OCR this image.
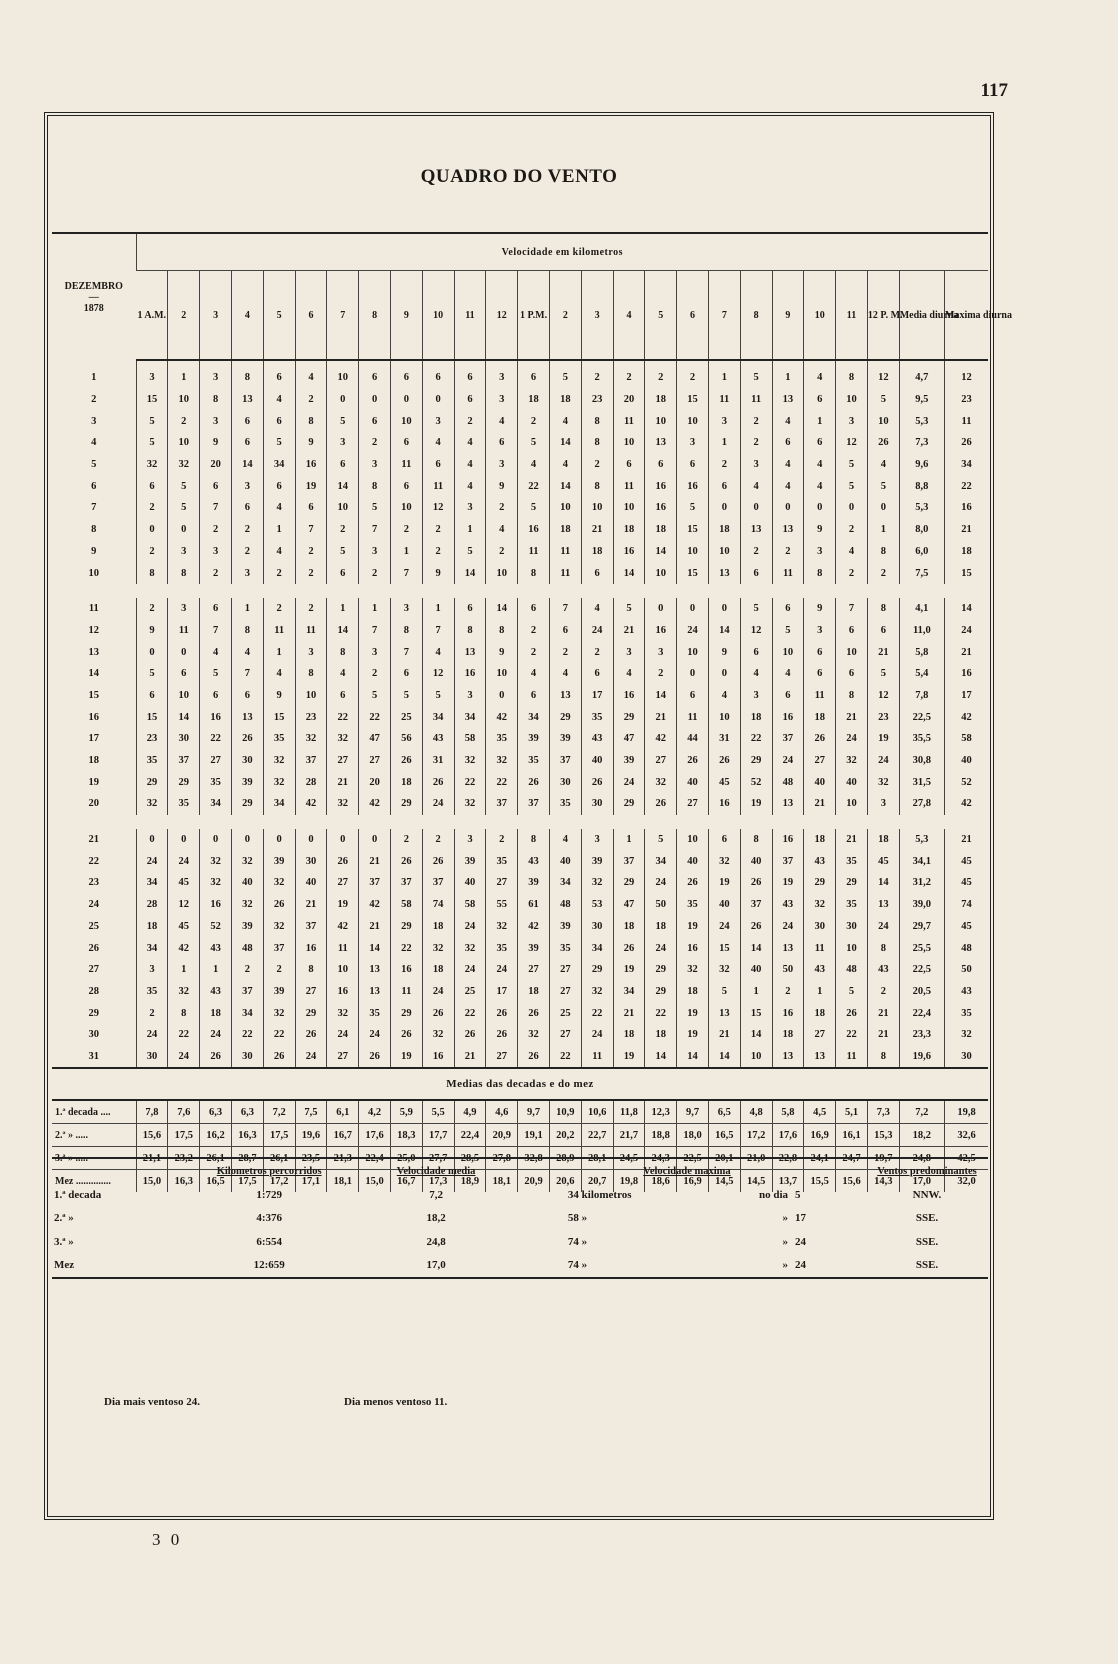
117
QUADRO DO VENTO
DEZEMBRO
—
1878	Velocidade em kilometros																									
	1 A.M.	2	3	4	5	6	7	8	9	10	11	12	1 P.M.	2	3	4	5	6	7	8	9	10	11	12 P. M.	Media diurna	Maxima diurna
1	3	1	3	8	6	4	10	6	6	6	6	3	6	5	2	2	2	2	1	5	1	4	8	12	4,7	12
2	15	10	8	13	4	2	0	0	0	0	6	3	18	18	23	20	18	15	11	11	13	6	10	5	9,5	23
3	5	2	3	6	6	8	5	6	10	3	2	4	2	4	8	11	10	10	3	2	4	1	3	10	5,3	11
4	5	10	9	6	5	9	3	2	6	4	4	6	5	14	8	10	13	3	1	2	6	6	12	26	7,3	26
5	32	32	20	14	34	16	6	3	11	6	4	3	4	4	2	6	6	6	2	3	4	4	5	4	9,6	34
6	6	5	6	3	6	19	14	8	6	11	4	9	22	14	8	11	16	16	6	4	4	4	5	5	8,8	22
7	2	5	7	6	4	6	10	5	10	12	3	2	5	10	10	10	16	5	0	0	0	0	0	0	5,3	16
8	0	0	2	2	1	7	2	7	2	2	1	4	16	18	21	18	18	15	18	13	13	9	2	1	8,0	21
9	2	3	3	2	4	2	5	3	1	2	5	2	11	11	18	16	14	10	10	2	2	3	4	8	6,0	18
10	8	8	2	3	2	2	6	2	7	9	14	10	8	11	6	14	10	15	13	6	11	8	2	2	7,5	15

11	2	3	6	1	2	2	1	1	3	1	6	14	6	7	4	5	0	0	0	5	6	9	7	8	4,1	14
12	9	11	7	8	11	11	14	7	8	7	8	8	2	6	24	21	16	24	14	12	5	3	6	6	11,0	24
13	0	0	4	4	1	3	8	3	7	4	13	9	2	2	2	3	3	10	9	6	10	6	10	21	5,8	21
14	5	6	5	7	4	8	4	2	6	12	16	10	4	4	6	4	2	0	0	4	4	6	6	5	5,4	16
15	6	10	6	6	9	10	6	5	5	5	3	0	6	13	17	16	14	6	4	3	6	11	8	12	7,8	17
16	15	14	16	13	15	23	22	22	25	34	34	42	34	29	35	29	21	11	10	18	16	18	21	23	22,5	42
17	23	30	22	26	35	32	32	47	56	43	58	35	39	39	43	47	42	44	31	22	37	26	24	19	35,5	58
18	35	37	27	30	32	37	27	27	26	31	32	32	35	37	40	39	27	26	26	29	24	27	32	24	30,8	40
19	29	29	35	39	32	28	21	20	18	26	22	22	26	30	26	24	32	40	45	52	48	40	40	32	31,5	52
20	32	35	34	29	34	42	32	42	29	24	32	37	37	35	30	29	26	27	16	19	13	21	10	3	27,8	42

21	0	0	0	0	0	0	0	0	2	2	3	2	8	4	3	1	5	10	6	8	16	18	21	18	5,3	21
22	24	24	32	32	39	30	26	21	26	26	39	35	43	40	39	37	34	40	32	40	37	43	35	45	34,1	45
23	34	45	32	40	32	40	27	37	37	37	40	27	39	34	32	29	24	26	19	26	19	29	29	14	31,2	45
24	28	12	16	32	26	21	19	42	58	74	58	55	61	48	53	47	50	35	40	37	43	32	35	13	39,0	74
25	18	45	52	39	32	37	42	21	29	18	24	32	42	39	30	18	18	19	24	26	24	30	30	24	29,7	45
26	34	42	43	48	37	16	11	14	22	32	32	35	39	35	34	26	24	16	15	14	13	11	10	8	25,5	48
27	3	1	1	2	2	8	10	13	16	18	24	24	27	27	29	19	29	32	32	40	50	43	48	43	22,5	50
28	35	32	43	37	39	27	16	13	11	24	25	17	18	27	32	34	29	18	5	1	2	1	5	2	20,5	43
29	2	8	18	34	32	29	32	35	29	26	22	26	26	25	22	21	22	19	13	15	16	18	26	21	22,4	35
30	24	22	24	22	22	26	24	24	26	32	26	26	32	27	24	18	18	19	21	14	18	27	22	21	23,3	32
31	30	24	26	30	26	24	27	26	19	16	21	27	26	22	11	19	14	14	14	10	13	13	11	8	19,6	30
Medias das decadas e do mez																										
1.ª decada ....	7,8	7,6	6,3	6,3	7,2	7,5	6,1	4,2	5,9	5,5	4,9	4,6	9,7	10,9	10,6	11,8	12,3	9,7	6,5	4,8	5,8	4,5	5,1	7,3	7,2	19,8
2.ª » .....	15,6	17,5	16,2	16,3	17,5	19,6	16,7	17,6	18,3	17,7	22,4	20,9	19,1	20,2	22,7	21,7	18,8	18,0	16,5	17,2	17,6	16,9	16,1	15,3	18,2	32,6
3.ª » .....	21,1	23,2	26,1	28,7	26,1	23,5	21,3	22,4	25,0	27,7	28,5	27,8	32,8	28,9	28,1	24,5	24,3	22,5	20,1	21,0	22,8	24,1	24,7	19,7	24,8	42,5
Mez ..............	15,0	16,3	16,5	17,5	17,2	17,1	18,1	15,0	16,7	17,3	18,9	18,1	20,9	20,6	20,7	19,8	18,6	16,9	14,5	14,5	13,7	15,5	15,6	14,3	17,0	32,0
	Kilometros percorridos	Velocidade media	Velocidade maxima			Ventos predominantes
1.ª decada	1:729	7,2	34 kilometros	no dia	5	NNW.
2.ª »	4:376	18,2	58 »	»	17	SSE.
3.ª »	6:554	24,8	74 »	»	24	SSE.
Mez	12:659	17,0	74 »	»	24	SSE.
Dia mais ventoso 24.	Dia menos ventoso 11.
3 0
